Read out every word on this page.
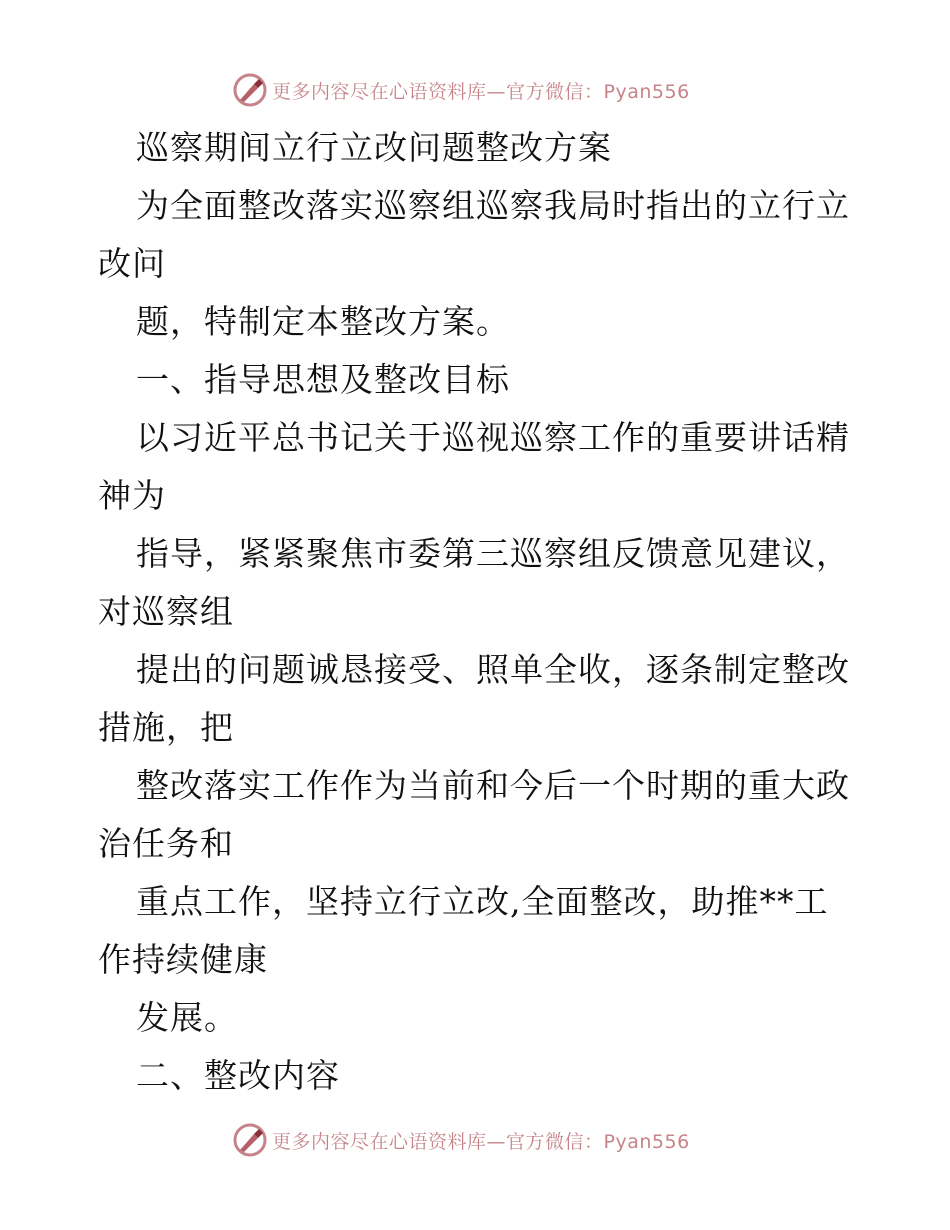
更多内容尽在心语资料库—官方微信：Pyan556
巡察期间立行立改问题整改方案
为全面整改落实巡察组巡察我局时指出的立行立
改问
题，特制定本整改方案。
一、指导思想及整改目标
以习近平总书记关于巡视巡察工作的重要讲话精
神为
指导，紧紧聚焦市委第三巡察组反馈意见建议，
对巡察组
提出的问题诚恳接受、照单全收，逐条制定整改
措施，把
整改落实工作作为当前和今后一个时期的重大政
治任务和
重点工作，坚持立行立改,全面整改，助推**工
作持续健康
发展。
二、整改内容
更多内容尽在心语资料库—官方微信：Pyan556
